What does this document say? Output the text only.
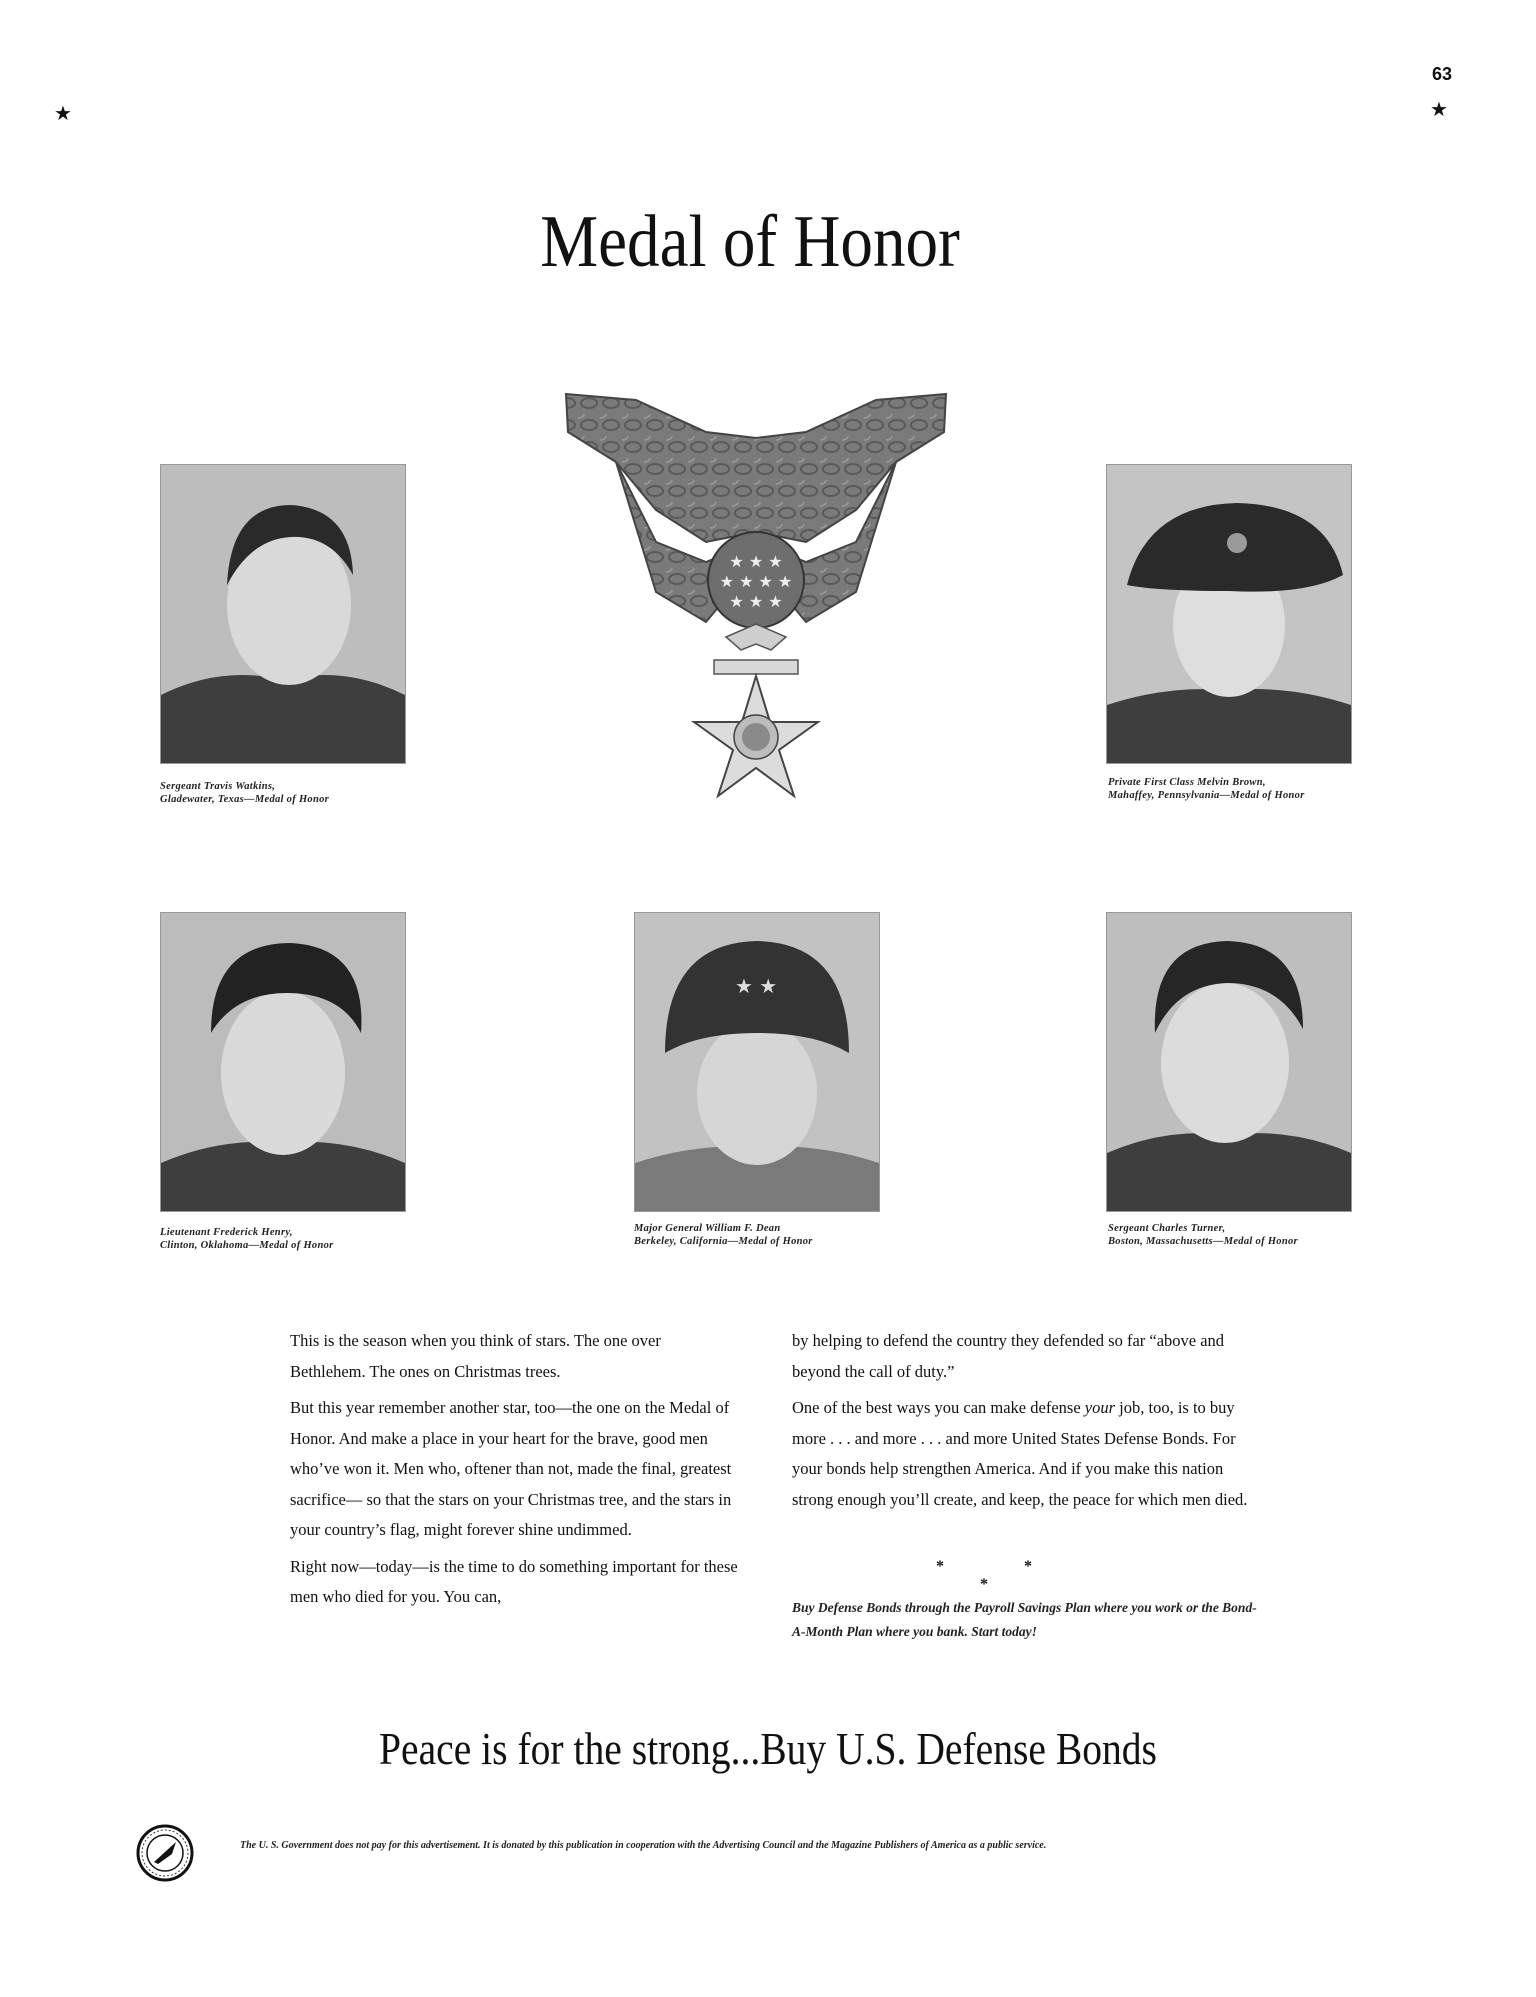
63
★	★
Medal of Honor
★ ★ ★
★ ★ ★ ★
★ ★ ★
Sergeant Travis Watkins,
Gladewater, Texas—Medal of Honor
Private First Class Melvin Brown,
Mahaffey, Pennsylvania—Medal of Honor
Lieutenant Frederick Henry,
Clinton, Oklahoma—Medal of Honor
★ ★
Major General William F. Dean
Berkeley, California—Medal of Honor
Sergeant Charles Turner,
Boston, Massachusetts—Medal of Honor

This is the season when you think of stars. The one over Bethlehem. The ones on Christmas trees.

But this year remember another star, too—the one on the Medal of Honor. And make a place in your heart for the brave, good men who’ve won it. Men who, oftener than not, made the final, greatest sacrifice— so that the stars on your Christmas tree, and the stars in your country’s flag, might forever shine undimmed.

Right now—today—is the time to do something important for these men who died for you. You can,

by helping to defend the country they defended so far “above and beyond the call of duty.”

One of the best ways you can make defense your job, too, is to buy more . . . and more . . . and more United States Defense Bonds. For your bonds help strengthen America. And if you make this nation strong enough you’ll create, and keep, the peace for which men died.

* * *
Buy Defense Bonds through the Payroll Savings Plan where you work or the Bond-A-Month Plan where you bank. Start today!
Peace is for the strong...Buy U.S. Defense Bonds
The U. S. Government does not pay for this advertisement. It is donated by this publication in cooperation with the Advertising Council and the Magazine Publishers of America as a public service.
